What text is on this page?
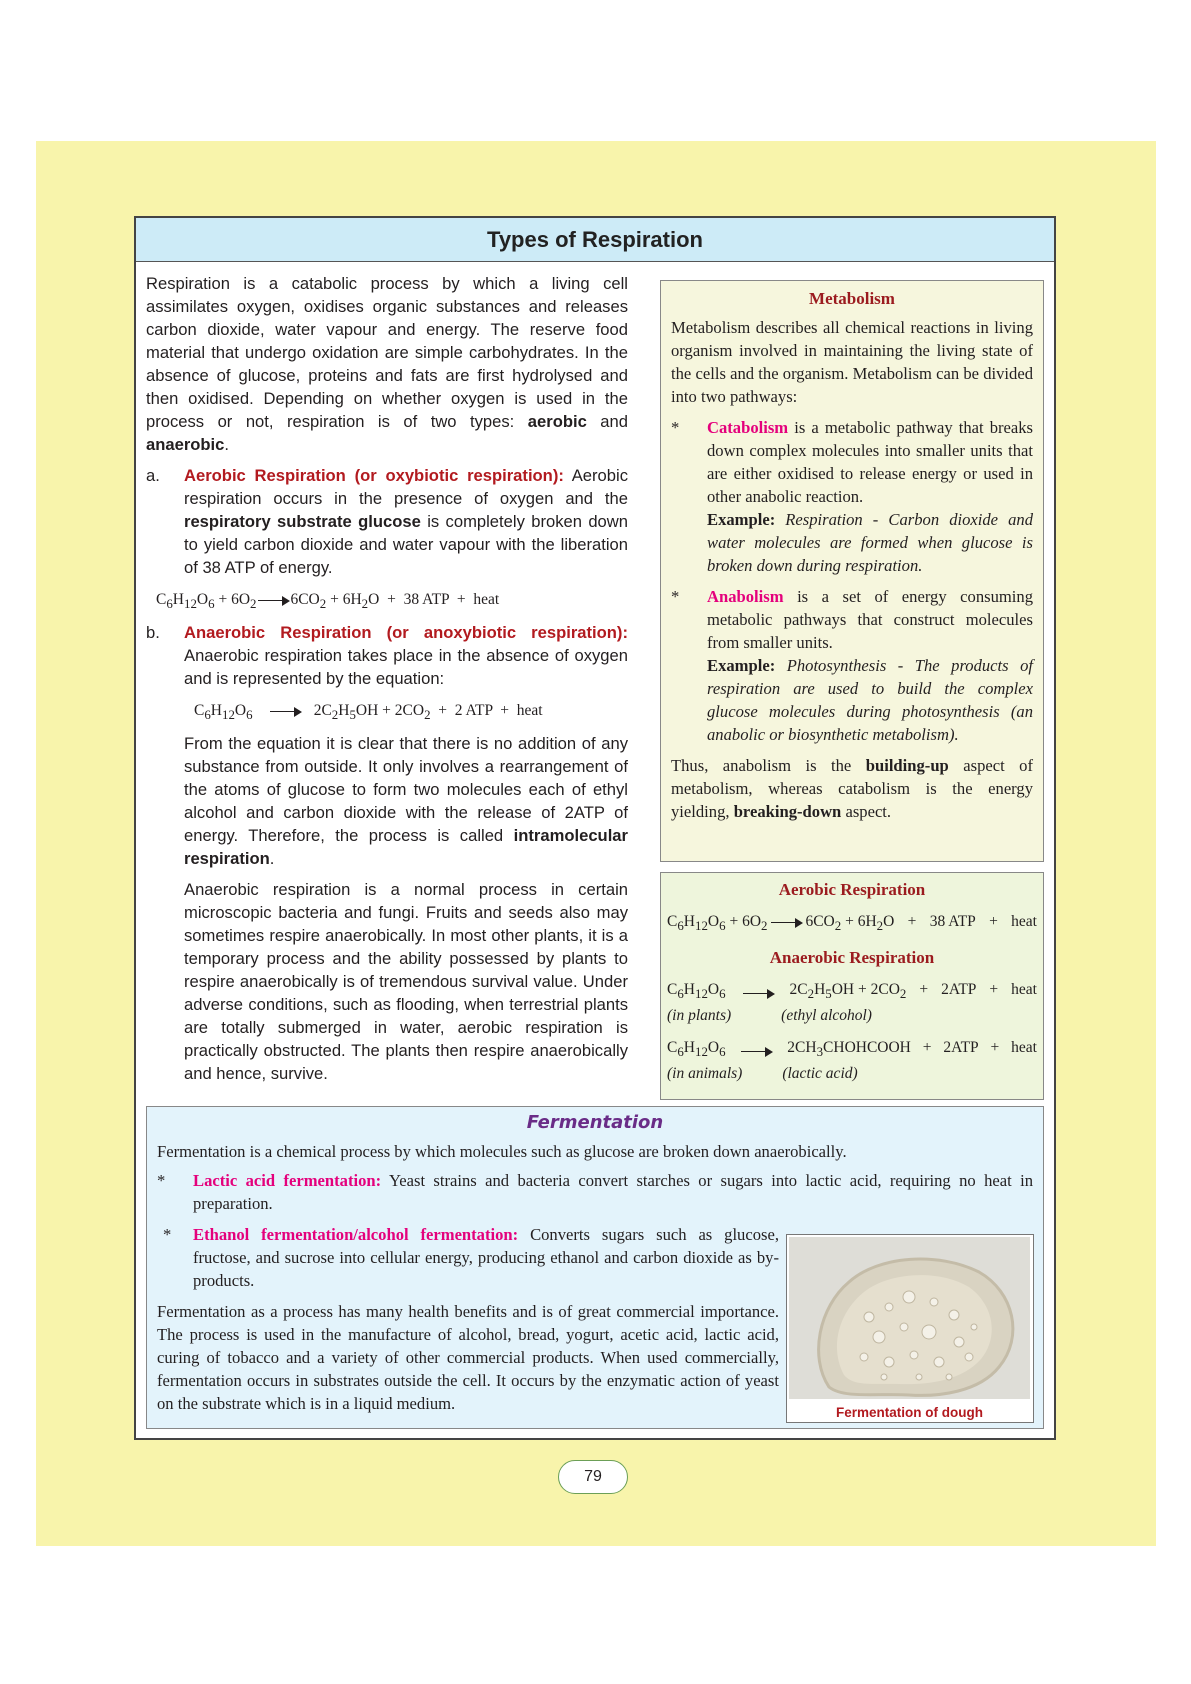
Types of Respiration

Respiration is a catabolic process by which a living cell assimilates oxygen, oxidises organic substances and releases carbon dioxide, water vapour and energy. The reserve food material that undergo oxidation are simple carbohydrates. In the absence of glucose, proteins and fats are first hydrolysed and then oxidised. Depending on whether oxygen is used in the process or not, respiration is of two types: aerobic and anaerobic.

a. Aerobic Respiration (or oxybiotic respiration): Aerobic respiration occurs in the presence of oxygen and the respiratory substrate glucose is completely broken down to yield carbon dioxide and water vapour with the liberation of 38 ATP of energy.

$C_6H_{12}O_6 + 6O_2$ $6CO_2 + 6H_2O + 38$ ATP + heat
b. Anaerobic Respiration (or anoxybiotic respiration): Anaerobic respiration takes place in the absence of oxygen and is represented by the equation:

$C_6H_{12}O_6$	$2C_2H_5OH + 2CO_2 + 2$ ATP + heat

From the equation it is clear that there is no addition of any substance from outside. It only involves a rearrangement of the atoms of glucose to form two molecules each of ethyl alcohol and carbon dioxide with the release of 2ATP of energy. Therefore, the process is called intramolecular respiration.

Anaerobic respiration is a normal process in certain microscopic bacteria and fungi. Fruits and seeds also may sometimes respire anaerobically. In most other plants, it is a temporary process and the ability possessed by plants to respire anaerobically is of tremendous survival value. Under adverse conditions, such as flooding, when terrestrial plants are totally submerged in water, aerobic respiration is practically obstructed. The plants then respire anaerobically and hence, survive.

Metabolism

Metabolism describes all chemical reactions in living organism involved in maintaining the living state of the cells and the organism. Metabolism can be divided into two pathways:

* Catabolism is a metabolic pathway that breaks down complex molecules into smaller units that are either oxidised to release energy or used in other anabolic reaction.

Example: Respiration - Carbon dioxide and water molecules are formed when glucose is broken down during respiration.

* Anabolism is a set of energy consuming metabolic pathways that construct molecules from smaller units.

Example: Photosynthesis - The products of respiration are used to build the complex glucose molecules during photosynthesis (an anabolic or biosynthetic metabolism).

Thus, anabolism is the building-up aspect of metabolism, whereas catabolism is the energy yielding, breaking-down aspect.

Aerobic Respiration
$C_6H_{12}O_6 + 6O_2$ $6CO_2 + 6H_2O + 38$ ATP + heat
Anaerobic Respiration
$C_6H_{12}O_6$	$2C_2H_5OH + 2CO_2 + 2ATP$ + heat
(in plants)	(ethyl alcohol)
$C_6H_{12}O_6$	$2CH_3CHOHCOOH + 2ATP$ + heat
(in animals)	(lactic acid)
Fermentation

Fermentation is a chemical process by which molecules such as glucose are broken down anaerobically.

* Lactic acid fermentation: Yeast strains and bacteria convert starches or sugars into lactic acid, requiring no heat in preparation.

* Ethanol fermentation/alcohol fermentation: Converts sugars such as glucose, fructose, and sucrose into cellular energy, producing ethanol and carbon dioxide as by-products.

Fermentation as a process has many health benefits and is of great commercial importance. The process is used in the manufacture of alcohol, bread, yogurt, acetic acid, lactic acid, curing of tobacco and a variety of other commercial products. When used commercially, fermentation occurs in substrates outside the cell. It occurs by the enzymatic action of yeast on the substrate which is in a liquid medium.	Fermentation of dough
79
